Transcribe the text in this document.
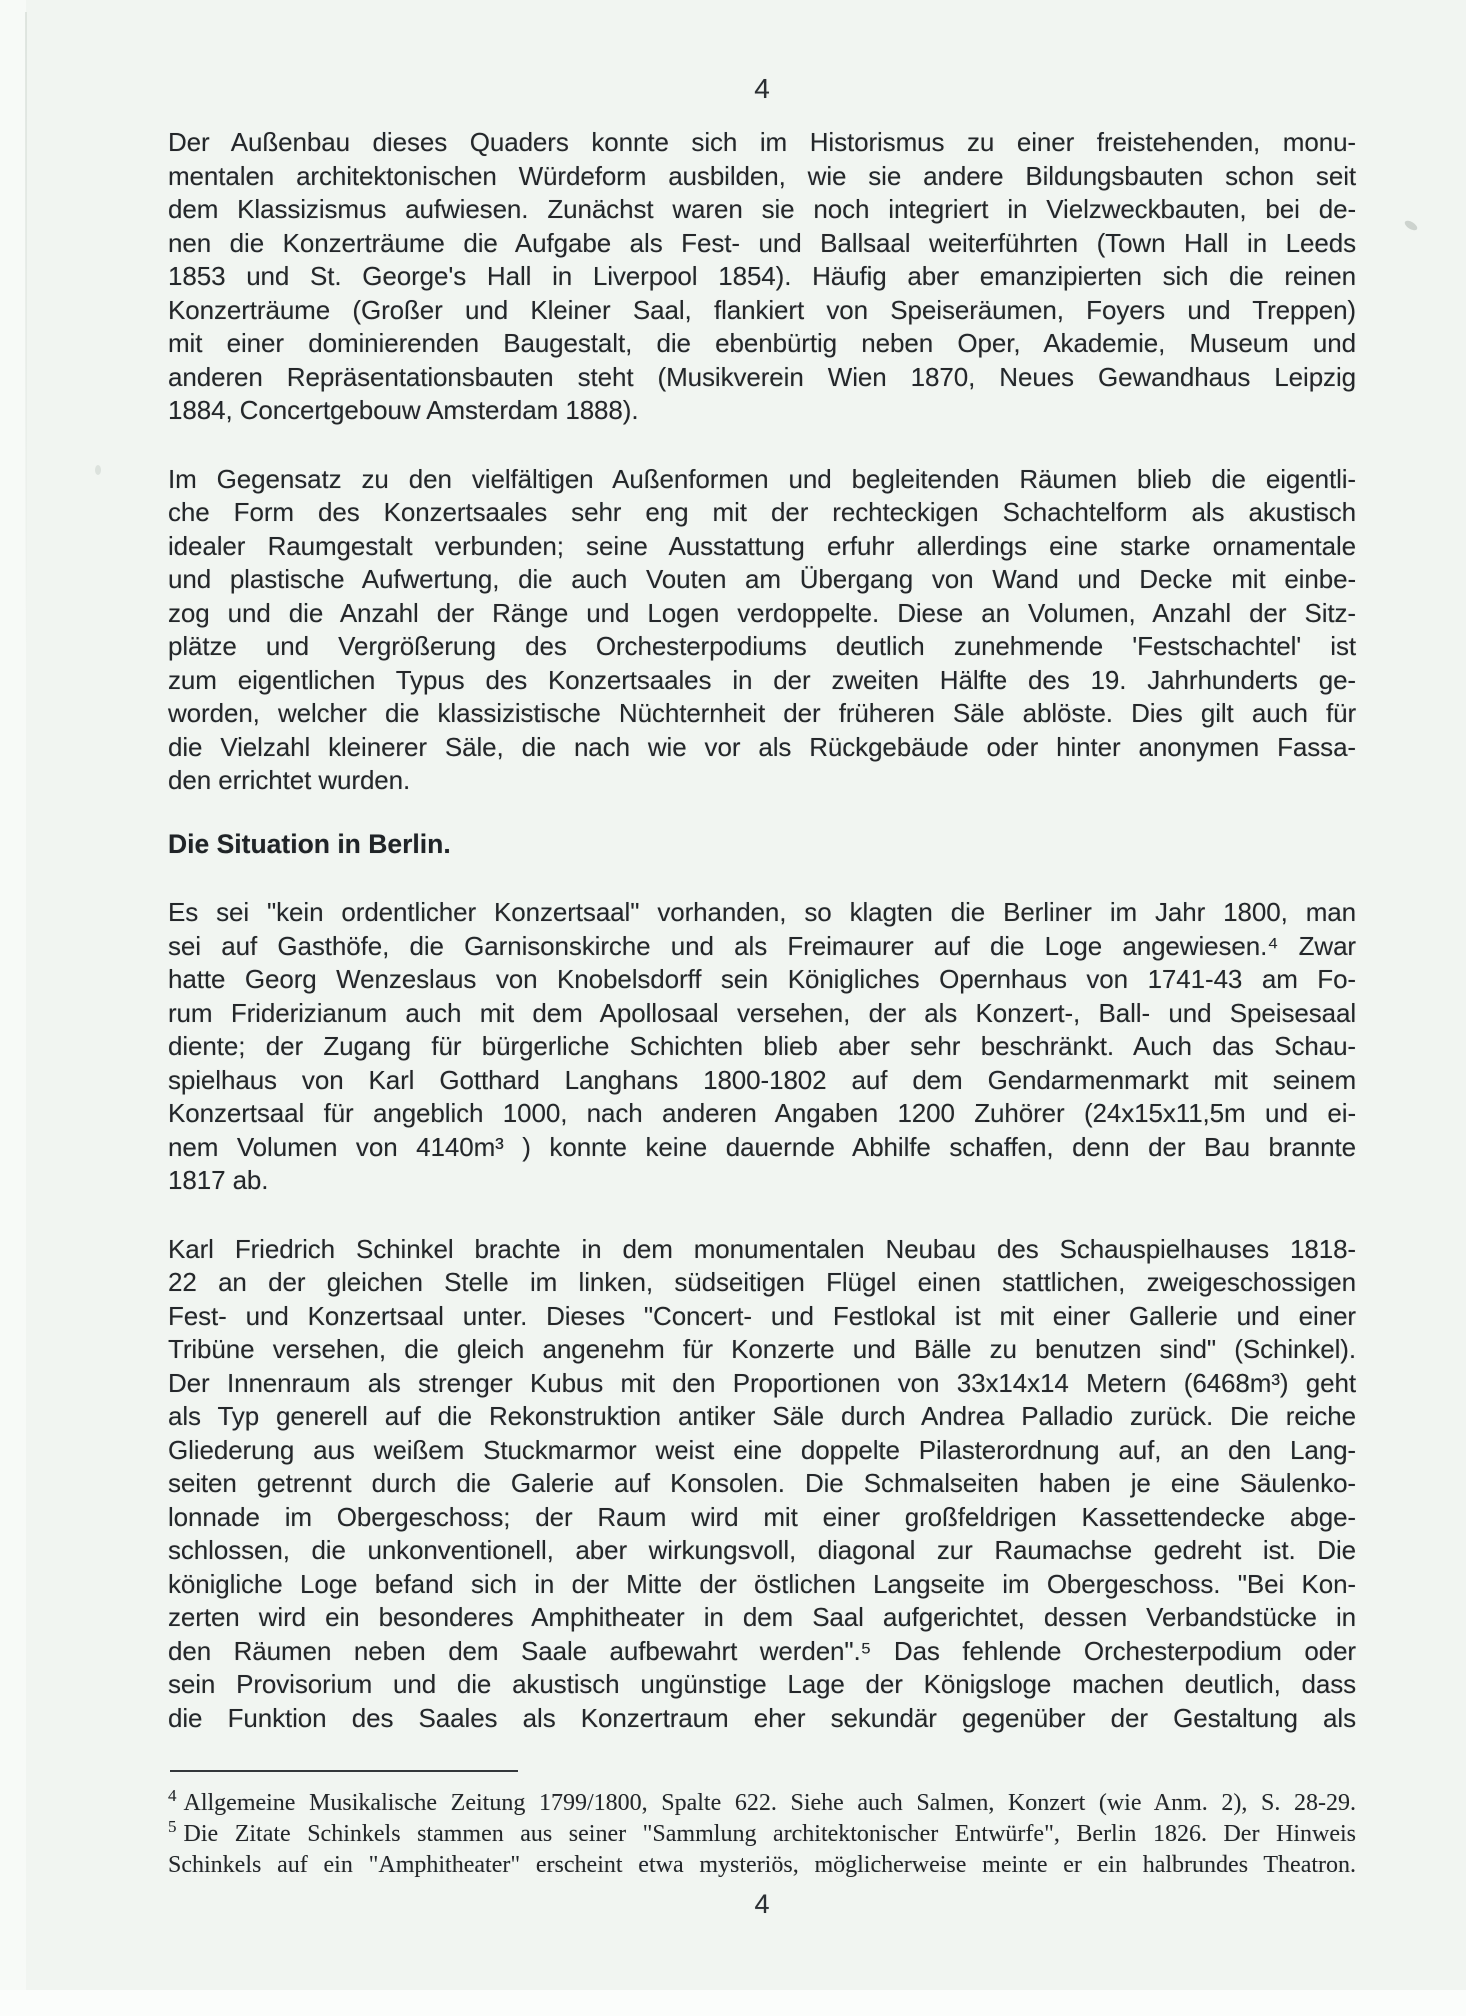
4
Der Außenbau dieses Quaders konnte sich im Historismus zu einer freistehenden, monu-
mentalen architektonischen Würdeform ausbilden, wie sie andere Bildungsbauten schon seit
dem Klassizismus aufwiesen. Zunächst waren sie noch integriert in Vielzweckbauten, bei de-
nen die Konzerträume die Aufgabe als Fest- und Ballsaal weiterführten (Town Hall in Leeds
1853 und St. George's Hall in Liverpool 1854). Häufig aber emanzipierten sich die reinen
Konzerträume (Großer und Kleiner Saal, flankiert von Speiseräumen, Foyers und Treppen)
mit einer dominierenden Baugestalt, die ebenbürtig neben Oper, Akademie, Museum und
anderen Repräsentationsbauten steht (Musikverein Wien 1870, Neues Gewandhaus Leipzig
1884, Concertgebouw Amsterdam 1888).
Im Gegensatz zu den vielfältigen Außenformen und begleitenden Räumen blieb die eigentli-
che Form des Konzertsaales sehr eng mit der rechteckigen Schachtelform als akustisch
idealer Raumgestalt verbunden; seine Ausstattung erfuhr allerdings eine starke ornamentale
und plastische Aufwertung, die auch Vouten am Übergang von Wand und Decke mit einbe-
zog und die Anzahl der Ränge und Logen verdoppelte. Diese an Volumen, Anzahl der Sitz-
plätze und Vergrößerung des Orchesterpodiums deutlich zunehmende 'Festschachtel' ist
zum eigentlichen Typus des Konzertsaales in der zweiten Hälfte des 19. Jahrhunderts ge-
worden, welcher die klassizistische Nüchternheit der früheren Säle ablöste. Dies gilt auch für
die Vielzahl kleinerer Säle, die nach wie vor als Rückgebäude oder hinter anonymen Fassa-
den errichtet wurden.
Die Situation in Berlin.
Es sei "kein ordentlicher Konzertsaal" vorhanden, so klagten die Berliner im Jahr 1800, man
sei auf Gasthöfe, die Garnisonskirche und als Freimaurer auf die Loge angewiesen.⁴ Zwar
hatte Georg Wenzeslaus von Knobelsdorff sein Königliches Opernhaus von 1741-43 am Fo-
rum Friderizianum auch mit dem Apollosaal versehen, der als Konzert-, Ball- und Speisesaal
diente; der Zugang für bürgerliche Schichten blieb aber sehr beschränkt. Auch das Schau-
spielhaus von Karl Gotthard Langhans 1800-1802 auf dem Gendarmenmarkt mit seinem
Konzertsaal für angeblich 1000, nach anderen Angaben 1200 Zuhörer (24x15x11,5m und ei-
nem Volumen von 4140m³ ) konnte keine dauernde Abhilfe schaffen, denn der Bau brannte
1817 ab.
Karl Friedrich Schinkel brachte in dem monumentalen Neubau des Schauspielhauses 1818-
22 an der gleichen Stelle im linken, südseitigen Flügel einen stattlichen, zweigeschossigen
Fest- und Konzertsaal unter. Dieses "Concert- und Festlokal ist mit einer Gallerie und einer
Tribüne versehen, die gleich angenehm für Konzerte und Bälle zu benutzen sind" (Schinkel).
Der Innenraum als strenger Kubus mit den Proportionen von 33x14x14 Metern (6468m³) geht
als Typ generell auf die Rekonstruktion antiker Säle durch Andrea Palladio zurück. Die reiche
Gliederung aus weißem Stuckmarmor weist eine doppelte Pilasterordnung auf, an den Lang-
seiten getrennt durch die Galerie auf Konsolen. Die Schmalseiten haben je eine Säulenko-
lonnade im Obergeschoss; der Raum wird mit einer großfeldrigen Kassettendecke abge-
schlossen, die unkonventionell, aber wirkungsvoll, diagonal zur Raumachse gedreht ist. Die
königliche Loge befand sich in der Mitte der östlichen Langseite im Obergeschoss. "Bei Kon-
zerten wird ein besonderes Amphitheater in dem Saal aufgerichtet, dessen Verbandstücke in
den Räumen neben dem Saale aufbewahrt werden".⁵ Das fehlende Orchesterpodium oder
sein Provisorium und die akustisch ungünstige Lage der Königsloge machen deutlich, dass
die Funktion des Saales als Konzertraum eher sekundär gegenüber der Gestaltung als
$^4$ Allgemeine Musikalische Zeitung 1799/1800, Spalte 622. Siehe auch Salmen, Konzert (wie Anm. 2), S. 28-29.
$^5$ Die Zitate Schinkels stammen aus seiner "Sammlung architektonischer Entwürfe", Berlin 1826. Der Hinweis
Schinkels auf ein "Amphitheater" erscheint etwa mysteriös, möglicherweise meinte er ein halbrundes Theatron.
4
